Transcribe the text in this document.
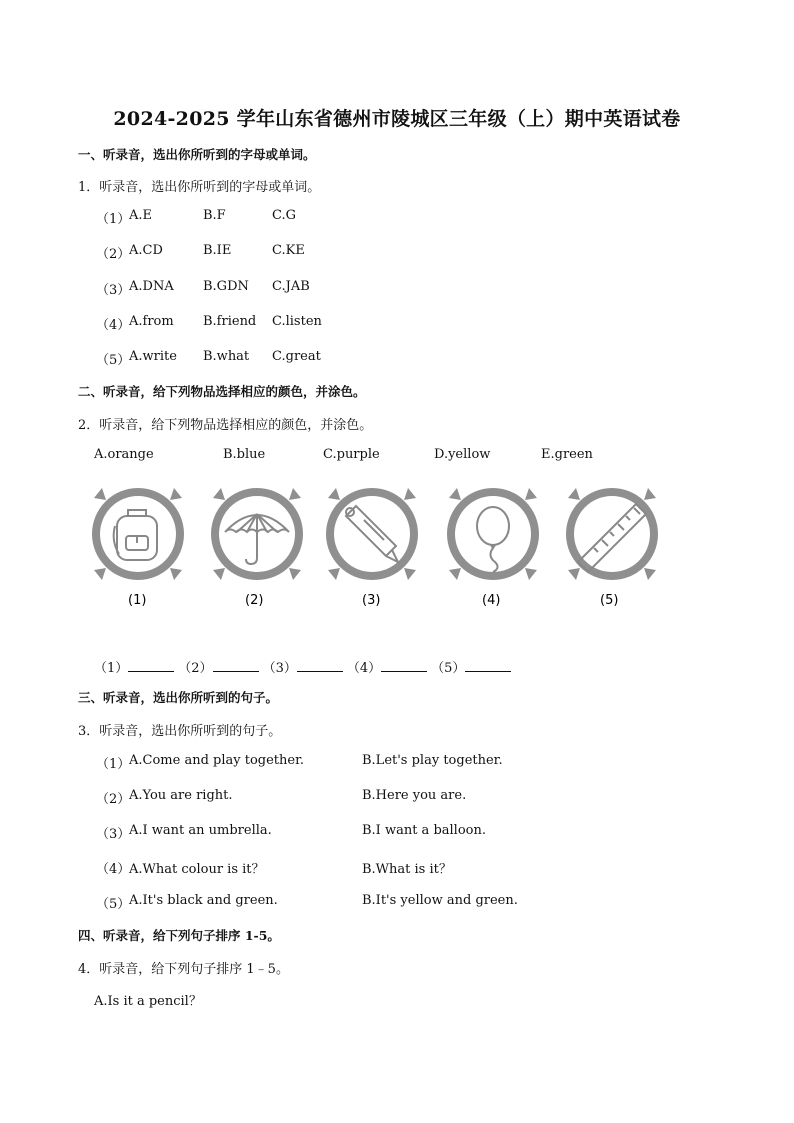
2024-2025 学年山东省德州市陵城区三年级（上）期中英语试卷
一、听录音，选出你所听到的字母或单词。
1．听录音，选出你所听到的字母或单词。
（1）
A.E	B.F	C.G
（2）
A.CD	B.IE	C.KE
（3）
A.DNA B.GDN C.JAB
（4）
A.from B.friend C.listen
（5）
A.write B.what C.great
二、听录音，给下列物品选择相应的颜色，并涂色。
2．听录音，给下列物品选择相应的颜色，并涂色。
A.orange	B.blue	C.purple	D.yellow	E.green
(1)	(2)	(3)	(4)	(5)
（1）	（2）	（3）	（4）	（5）
三、听录音，选出你所听到的句子。
3．听录音，选出你所听到的句子。
（1）
A.Come and play together.	B.Let's play together.
（2）
A.You are right.	B.Here you are.
（3）
A.I want an umbrella.	B.I want a balloon.
（4）
A.What colour is it？	B.What is it？
（5）
A.It's black and green.	B.It's yellow and green.
四、听录音，给下列句子排序 1-5。
4．听录音，给下列句子排序 1﹣5。
A.Is it a pencil？
